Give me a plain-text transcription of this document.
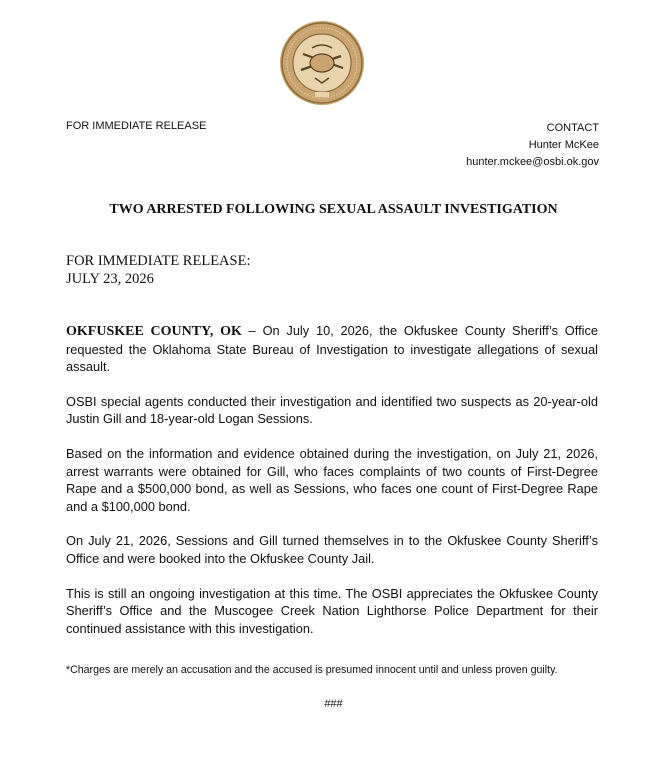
FOR IMMEDIATE RELEASE	CONTACT
Hunter McKee
hunter.mckee@osbi.ok.gov
TWO ARRESTED FOLLOWING SEXUAL ASSAULT INVESTIGATION
FOR IMMEDIATE RELEASE:
JULY 23, 2026

OKFUSKEE COUNTY, OK – On July 10, 2026, the Okfuskee County Sheriff’s Office requested the Oklahoma State Bureau of Investigation to investigate allegations of sexual assault.

OSBI special agents conducted their investigation and identified two suspects as 20-year-old Justin Gill and 18-year-old Logan Sessions.

Based on the information and evidence obtained during the investigation, on July 21, 2026, arrest warrants were obtained for Gill, who faces complaints of two counts of First-Degree Rape and a $500,000 bond, as well as Sessions, who faces one count of First-Degree Rape and a $100,000 bond.

On July 21, 2026, Sessions and Gill turned themselves in to the Okfuskee County Sheriff’s Office and were booked into the Okfuskee County Jail.

This is still an ongoing investigation at this time. The OSBI appreciates the Okfuskee County Sheriff’s Office and the Muscogee Creek Nation Lighthorse Police Department for their continued assistance with this investigation.

*Charges are merely an accusation and the accused is presumed innocent until and unless proven guilty.
###
